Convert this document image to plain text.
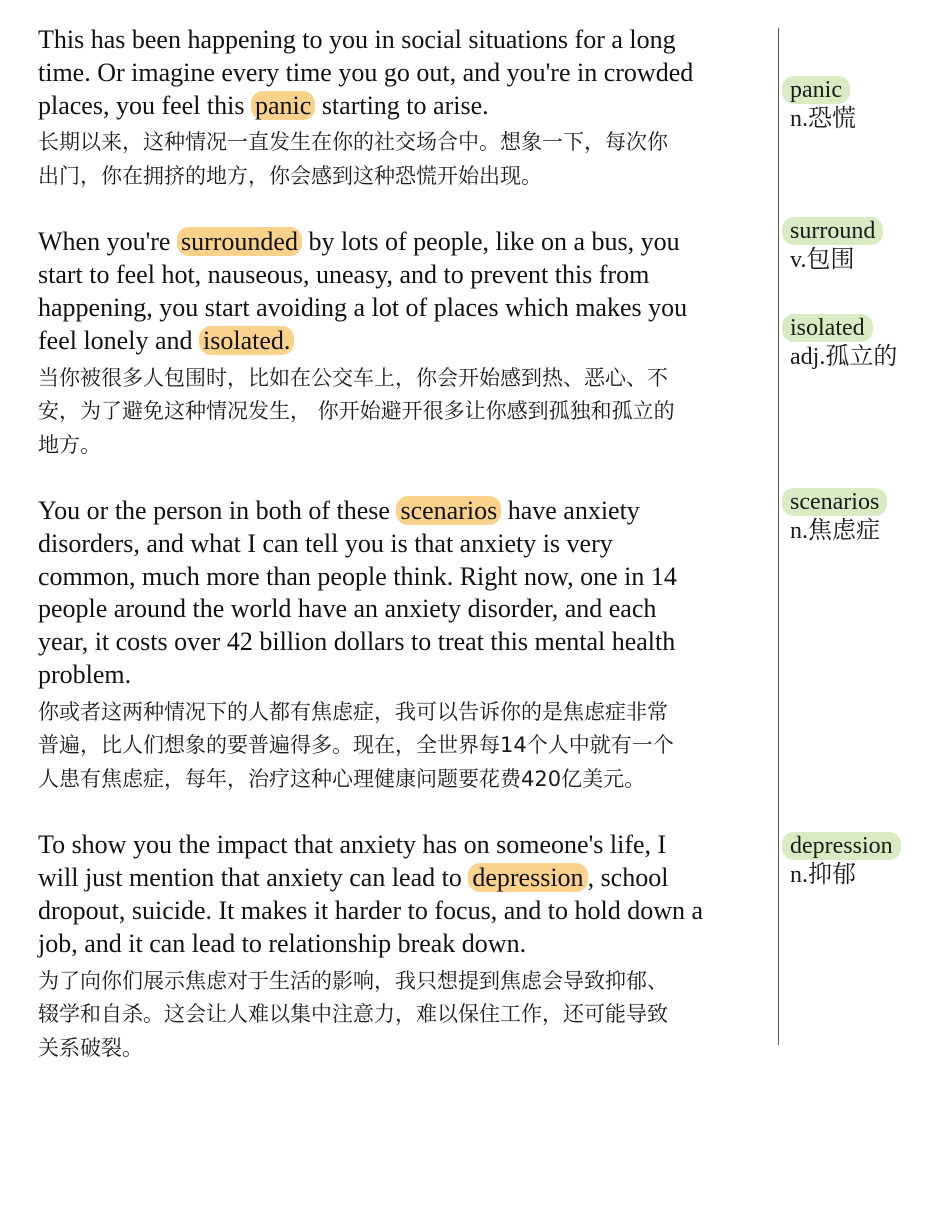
This has been happening to you in social situations for a long
time. Or imagine every time you go out, and you're in crowded
places, you feel this panic starting to arise.
长期以来，这种情况一直发生在你的社交场合中。想象一下，每次你
出门，你在拥挤的地方，你会感到这种恐慌开始出现。
When you're surrounded by lots of people, like on a bus, you
start to feel hot, nauseous, uneasy, and to prevent this from
happening, you start avoiding a lot of places which makes you
feel lonely and isolated.
当你被很多人包围时，比如在公交车上，你会开始感到热、恶心、不
安，为了避免这种情况发生， 你开始避开很多让你感到孤独和孤立的
地方。
You or the person in both of these scenarios have anxiety
disorders, and what I can tell you is that anxiety is very
common, much more than people think. Right now, one in 14
people around the world have an anxiety disorder, and each
year, it costs over 42 billion dollars to treat this mental health
problem.
你或者这两种情况下的人都有焦虑症，我可以告诉你的是焦虑症非常
普遍，比人们想象的要普遍得多。现在，全世界每14个人中就有一个
人患有焦虑症，每年，治疗这种心理健康问题要花费420亿美元。
To show you the impact that anxiety has on someone's life, I
will just mention that anxiety can lead to depression , school
dropout, suicide. It makes it harder to focus, and to hold down a
job, and it can lead to relationship break down.
为了向你们展示焦虑对于生活的影响，我只想提到焦虑会导致抑郁、
辍学和自杀。这会让人难以集中注意力，难以保住工作，还可能导致
关系破裂。
panic
n.恐慌
surround
v.包围
isolated
adj.孤立的
scenarios
n.焦虑症
depression
n.抑郁
